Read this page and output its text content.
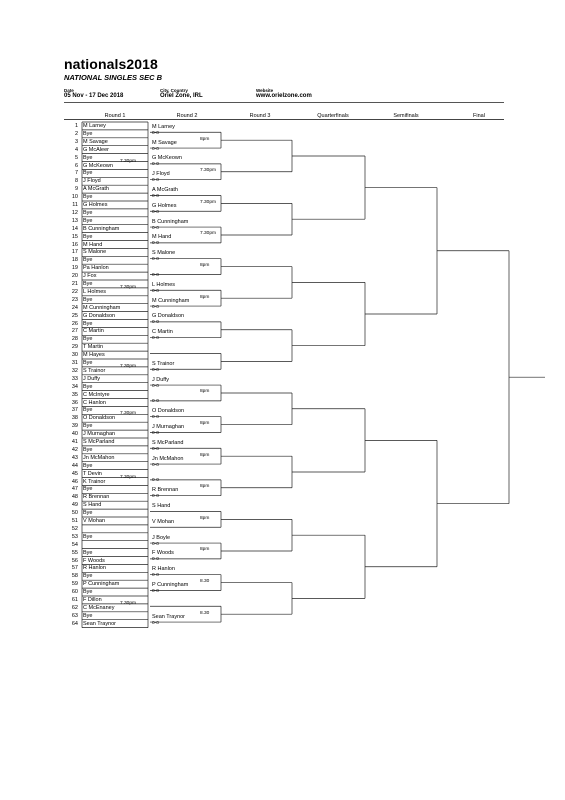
nationals2018
NATIONAL SINGLES SEC B
Date
05 Nov - 17 Dec 2018
City, Country
Oriel Zone, IRL
Website
www.orielzone.com
Round 1	Round 2	Round 3	Quarterfinals	Semifinals	Final
1 M Larney
2 Bye
3 M Savage
4 G McAleer
5 Bye
6 G McKeown
7 Bye
8 J Floyd
9 A McGrath
10 Bye
11 G Holmes
12 Bye
13 Bye
14 B Cunningham
15 Bye
16 M Hand
17 S Malone
18 Bye
19 Pa Hanlon
20 J Fox
21 Bye
22 L Holmes
23 Bye
24 M Cunningham
25 G Donaldson
26 Bye
27 C Martin
28 Bye
29 T Martin
30 M Hayes
31 Bye
32 S Trainor
33 J Duffy
34 Bye
35 C McIntyre
36 C Hanlon
37 Bye
38 O Donaldson
39 Bye
40 J Murnaghan
41 S McParland
42 Bye
43 Jn McMahon
44 Bye
45 T Devin
46 K Trainor
47 Bye
48 R Brennan
49 S Hand
50 Bye
51 V Mohan
52
53 Bye
54
55 Bye
56 F Woods
57 R Hanlon
58 Bye
59 P Cunningham
60 Bye
61 F Dillon
62 C McEnaney
63 Bye
64 Sean Traynor
7.30pm
7.30pm
7.30pm
7.30pm
7.30pm
7.30pm
M Larney
0-0
8pm
M Savage
0-0
G McKeown
0-0
7.30pm
J Floyd
0-0
A McGrath
0-0
7.30pm
G Holmes
0-0
B Cunningham
0-0
7.30pm
M Hand
0-0
S Malone
0-0
8pm
0-0
L Holmes
0-0
8pm
M Cunningham
0-0
G Donaldson
0-0
C Martin
0-0
S Trainor
0-0
J Duffy
0-0
8pm
0-0
O Donaldson
0-0
8pm
J Murnaghan
0-0
S McParland
0-0
8pm
Jn McMahon
0-0
0-0
8pm
R Brennan
0-0
S Hand
8pm
V Mohan
J Boyle
0-0
8pm
F Woods
0-0
R Hanlon
0-0
8.30
P Cunningham
0-0
8.30
Sean Traynor
0-0
